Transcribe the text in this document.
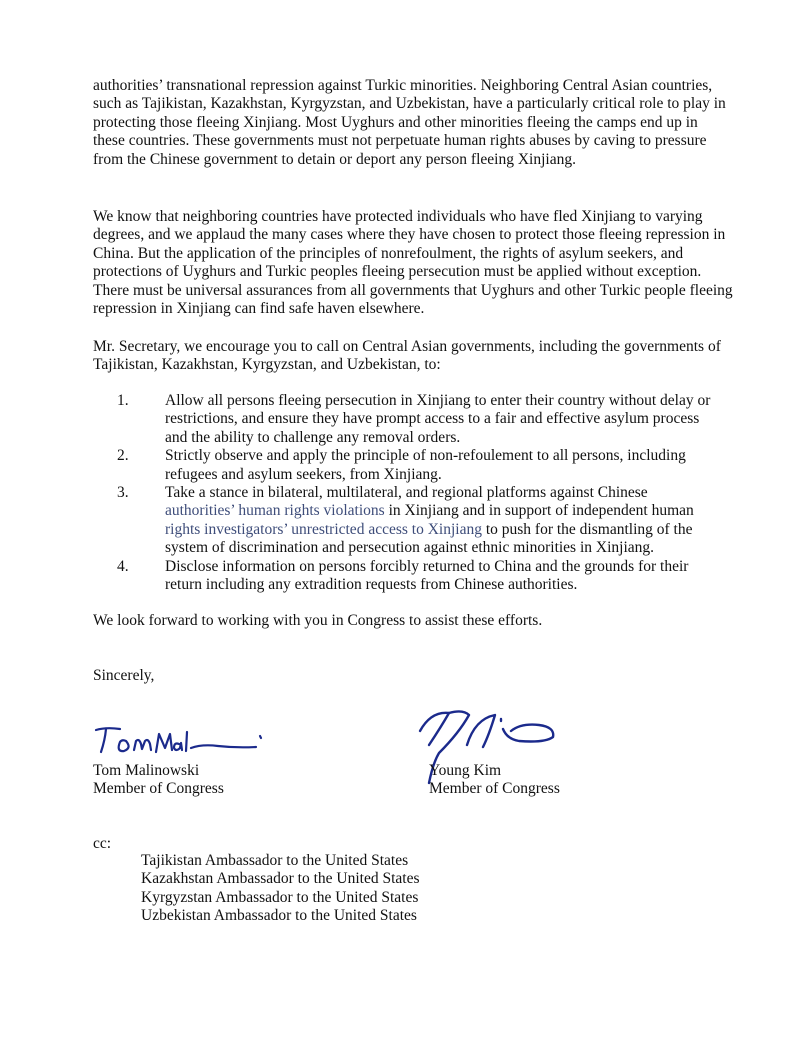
authorities’ transnational repression against Turkic minorities. Neighboring Central Asian countries, such as Tajikistan, Kazakhstan, Kyrgyzstan, and Uzbekistan, have a particularly critical role to play in protecting those fleeing Xinjiang. Most Uyghurs and other minorities fleeing the camps end up in these countries. These governments must not perpetuate human rights abuses by caving to pressure from the Chinese government to detain or deport any person fleeing Xinjiang.

We know that neighboring countries have protected individuals who have fled Xinjiang to varying degrees, and we applaud the many cases where they have chosen to protect those fleeing repression in China. But the application of the principles of nonrefoulment, the rights of asylum seekers, and protections of Uyghurs and Turkic peoples fleeing persecution must be applied without exception. There must be universal assurances from all governments that Uyghurs and other Turkic people fleeing repression in Xinjiang can find safe haven elsewhere.

Mr. Secretary, we encourage you to call on Central Asian governments, including the governments of Tajikistan, Kazakhstan, Kyrgyzstan, and Uzbekistan, to:

1. Allow all persons fleeing persecution in Xinjiang to enter their country without delay or restrictions, and ensure they have prompt access to a fair and effective asylum process and the ability to challenge any removal orders.
2. Strictly observe and apply the principle of non-refoulement to all persons, including refugees and asylum seekers, from Xinjiang.
3. Take a stance in bilateral, multilateral, and regional platforms against Chinese authorities’ human rights violations in Xinjiang and in support of independent human rights investigators’ unrestricted access to Xinjiang to push for the dismantling of the system of discrimination and persecution against ethnic minorities in Xinjiang.
4. Disclose information on persons forcibly returned to China and the grounds for their return including any extradition requests from Chinese authorities.

We look forward to working with you in Congress to assist these efforts.

Sincerely,

Tom Malinowski
Member of Congress
Young Kim
Member of Congress
cc:
Tajikistan Ambassador to the United States
Kazakhstan Ambassador to the United States
Kyrgyzstan Ambassador to the United States
Uzbekistan Ambassador to the United States
